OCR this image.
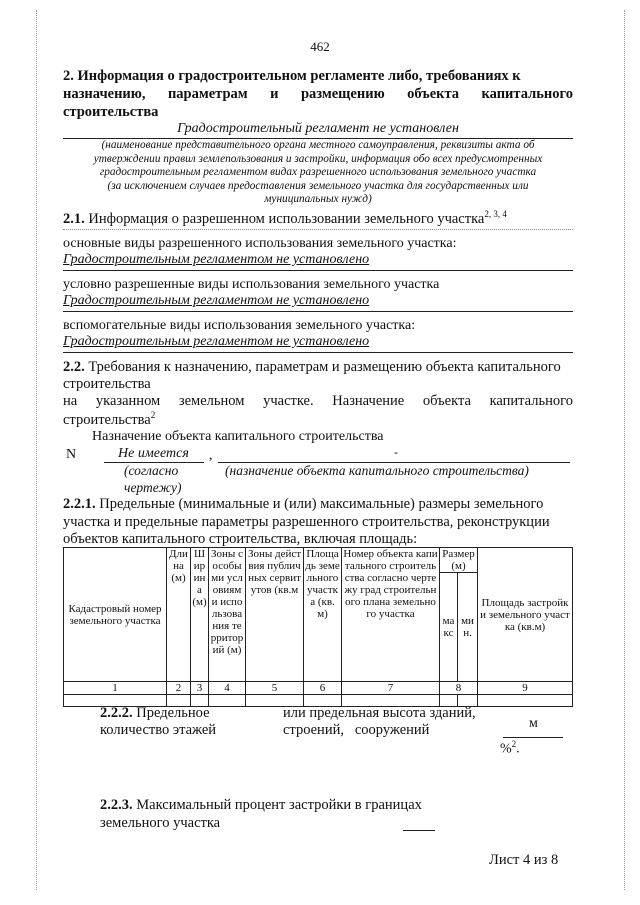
462
2. Информация о градостроительном регламенте либо, требованиях к
назначению, параметрам и размещению объекта капитального
строительства
Градостроительный регламент не установлен
(наименование представительного органа местного самоуправления, реквизиты акта об
утверждении правил землепользования и застройки, информация обо всех предусмотренных
градостроительным регламентом видах разрешенного использования земельного участка
(за исключением случаев предоставления земельного участка для государственных или
муниципальных нужд)
2.1. Информация о разрешенном использовании земельного участка$^{2, 3, 4}$
основные виды разрешенного использования земельного участка:
Градостроительным регламентом не установлено
условно разрешенные виды использования земельного участка
Градостроительным регламентом не установлено
вспомогательные виды использования земельного участка:
Градостроительным регламентом не установлено
2.2. Требования к назначению, параметрам и размещению объекта капитального
строительства
на указанном земельном участке. Назначение объекта капитального
строительства$^2$
Назначение объекта капитального строительства
N	Не имеется ,	-
(согласно
чертежу)
(назначение объекта капитального строительства)
2.2.1. Предельные (минимальные и (или) максимальные) размеры земельного
участка и предельные параметры разрешенного строительства, реконструкции
объектов капитального строительства, включая площадь:
Кадастровый номер земельного участка	Длина (м)	Ширина (м)	Зоны с особыми условиями использования территорий (м)	Зоны действия публичных сервитутов (кв.м	Площадь земельного участка (кв.м)	Номер объекта капитального строительства согласно чертежу град строительного плана земельного участка	Размер (м)		Площадь застройки земельного участка (кв.м)
							макс	мин.	
1	2	3	4	5	6	7	8		9

2.2.2. Предельное
количество этажей
или предельная высота зданий,
строений,   сооружений	м
%$^2$.
2.2.3. Максимальный процент застройки в границах
земельного участка
Лист 4 из 8
